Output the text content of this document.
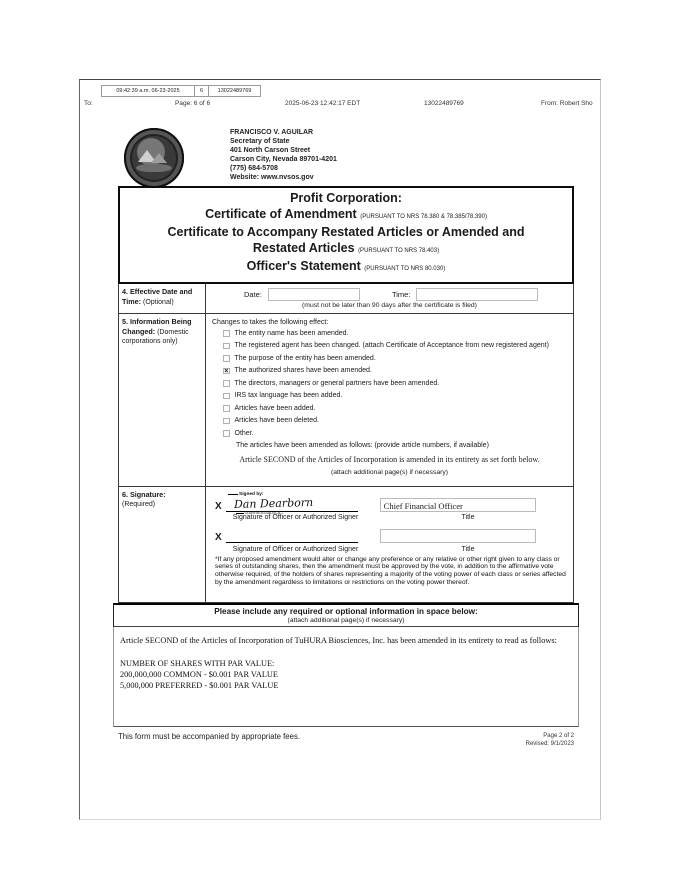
09:42:39 a.m. 06-23-2025	6	13022489769
To:	Page: 6 of 6	2025-06-23 12:42:17 EDT	13022489769	From: Robert Sho
FRANCISCO V. AGUILAR
Secretary of State
401 North Carson Street
Carson City, Nevada 89701-4201
(775) 684-5708
Website: www.nvsos.gov
Profit Corporation:
Certificate of Amendment (PURSUANT TO NRS 78.380 & 78.385/78.390)
Certificate to Accompany Restated Articles or Amended and
Restated Articles (PURSUANT TO NRS 78.403)
Officer's Statement (PURSUANT TO NRS 80.030)
4. Effective Date and Time: (Optional)
Date:	Time:
(must not be later than 90 days after the certificate is filed)
5. Information Being Changed: (Domestic corporations only)
Changes to takes the following effect:
The entity name has been amended.
The registered agent has been changed. (attach Certificate of Acceptance from new registered agent)
The purpose of the entity has been amended.
×
The authorized shares have been amended.
The directors, managers or general partners have been amended.
IRS tax language has been added.
Articles have been added.
Articles have been deleted.
Other.
The articles have been amended as follows: (provide article numbers, if available)
Article SECOND of the Articles of Incorporation is amended in its entirety as set forth below.
(attach additional page(s) if necessary)
6. Signature:
(Required)
Signed by:
X Dan Dearborn
01ABF8EA53AD4C9
Chief Financial Officer
Signature of Officer or Authorized Signer	Title
X
Signature of Officer or Authorized Signer	Title
*If any proposed amendment would alter or change any preference or any relative or other right given to any class or series of outstanding shares, then the amendment must be approved by the vote, in addition to the affirmative vote otherwise required, of the holders of shares representing a majority of the voting power of each class or series affected by the amendment regardless to limitations or restrictions on the voting power thereof.
Please include any required or optional information in space below:
(attach additional page(s) if necessary)
Article SECOND of the Articles of Incorporation of TuHURA Biosciences, Inc. has been amended in its entirety to read as follows:
NUMBER OF SHARES WITH PAR VALUE:
200,000,000 COMMON - $0.001 PAR VALUE
5,000,000 PREFERRED - $0.001 PAR VALUE
This form must be accompanied by appropriate fees.	Page 2 of 2
Revised: 9/1/2023
